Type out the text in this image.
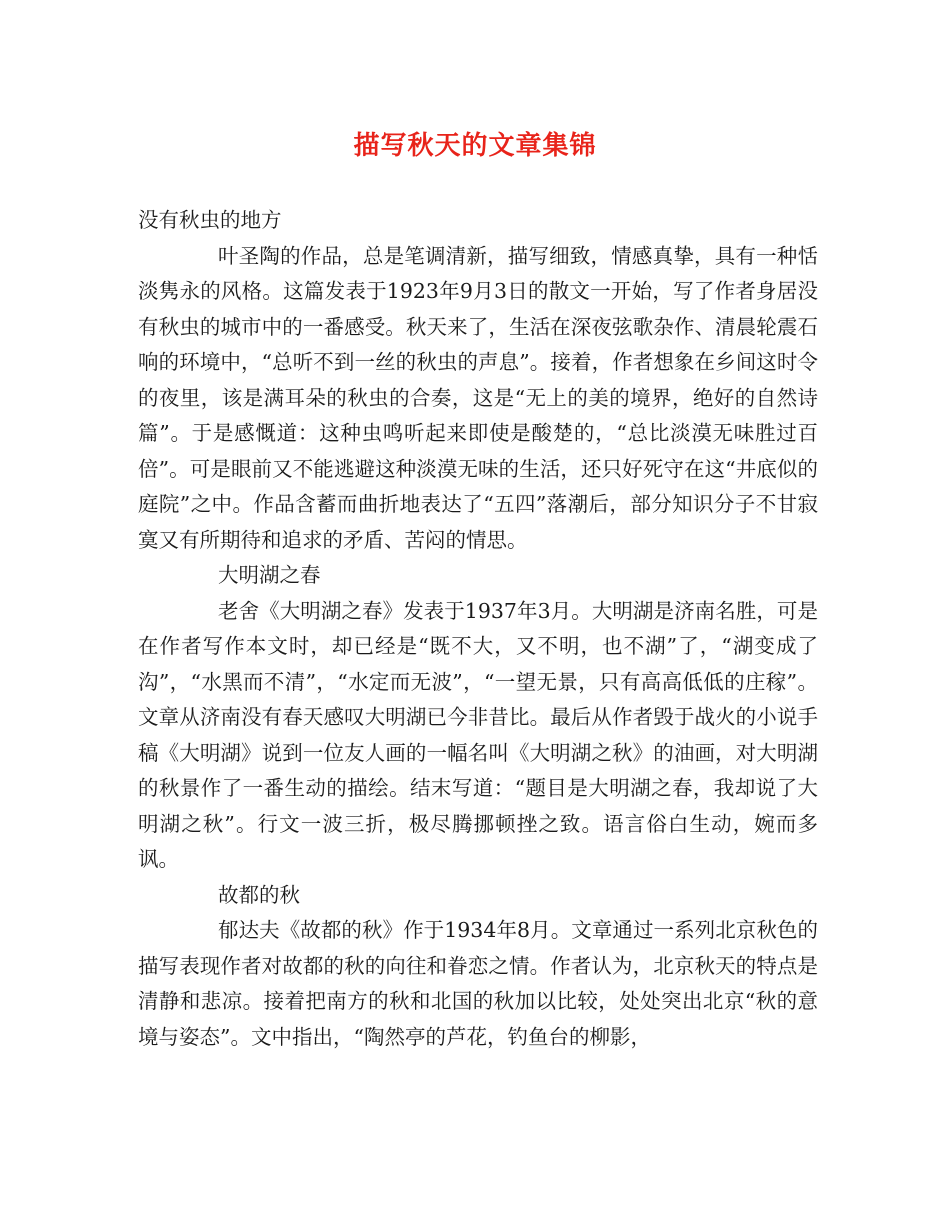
描写秋天的文章集锦

没有秋虫的地方

叶圣陶的作品，总是笔调清新，描写细致，情感真挚，具有一种恬淡隽永的风格。这篇发表于1923年9月3日的散文一开始，写了作者身居没有秋虫的城市中的一番感受。秋天来了，生活在深夜弦歌杂作、清晨轮震石响的环境中，“总听不到一丝的秋虫的声息”。接着，作者想象在乡间这时令的夜里，该是满耳朵的秋虫的合奏，这是“无上的美的境界，绝好的自然诗篇”。于是感慨道：这种虫鸣听起来即使是酸楚的，“总比淡漠无味胜过百倍”。可是眼前又不能逃避这种淡漠无味的生活，还只好死守在这“井底似的庭院”之中。作品含蓄而曲折地表达了“五四”落潮后，部分知识分子不甘寂寞又有所期待和追求的矛盾、苦闷的情思。

大明湖之春

老舍《大明湖之春》发表于1937年3月。大明湖是济南名胜，可是在作者写作本文时，却已经是“既不大，又不明，也不湖”了，“湖变成了沟”，“水黑而不清”，“水定而无波”，“一望无景，只有高高低低的庄稼”。文章从济南没有春天感叹大明湖已今非昔比。最后从作者毁于战火的小说手稿《大明湖》说到一位友人画的一幅名叫《大明湖之秋》的油画，对大明湖的秋景作了一番生动的描绘。结末写道：“题目是大明湖之春，我却说了大明湖之秋”。行文一波三折，极尽腾挪顿挫之致。语言俗白生动，婉而多讽。

故都的秋

郁达夫《故都的秋》作于1934年8月。文章通过一系列北京秋色的描写表现作者对故都的秋的向往和眷恋之情。作者认为，北京秋天的特点是清静和悲凉。接着把南方的秋和北国的秋加以比较，处处突出北京“秋的意境与姿态”。文中指出，“陶然亭的芦花，钓鱼台的柳影，
